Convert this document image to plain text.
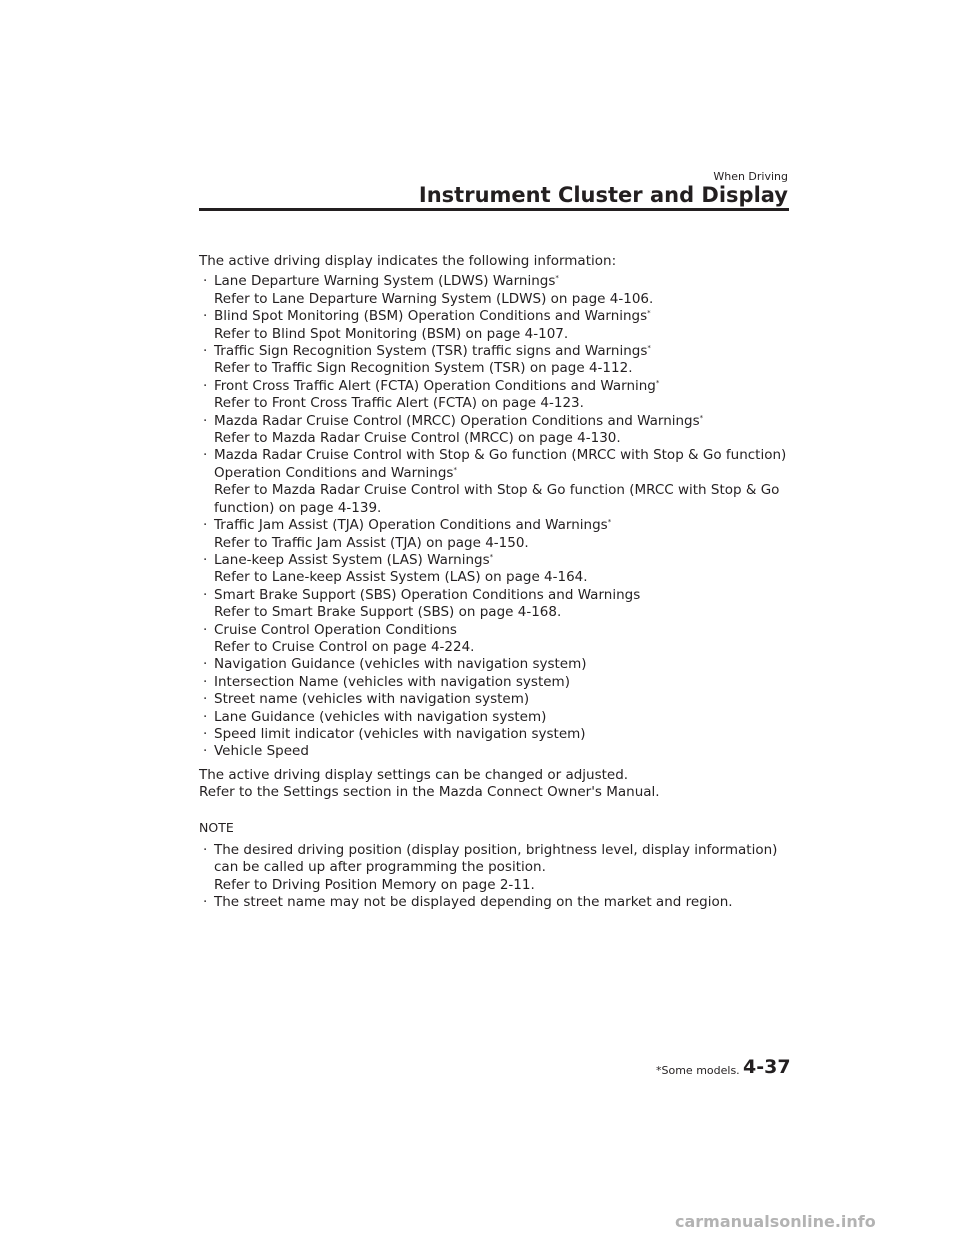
When Driving
Instrument Cluster and Display

The active driving display indicates the following information:

· Lane Departure Warning System (LDWS) Warnings*
Refer to Lane Departure Warning System (LDWS) on page 4-106.
· Blind Spot Monitoring (BSM) Operation Conditions and Warnings*
Refer to Blind Spot Monitoring (BSM) on page 4-107.
· Traffic Sign Recognition System (TSR) traffic signs and Warnings*
Refer to Traffic Sign Recognition System (TSR) on page 4-112.
· Front Cross Traffic Alert (FCTA) Operation Conditions and Warning*
Refer to Front Cross Traffic Alert (FCTA) on page 4-123.
· Mazda Radar Cruise Control (MRCC) Operation Conditions and Warnings*
Refer to Mazda Radar Cruise Control (MRCC) on page 4-130.
· Mazda Radar Cruise Control with Stop & Go function (MRCC with Stop & Go function) Operation Conditions and Warnings*
Refer to Mazda Radar Cruise Control with Stop & Go function (MRCC with Stop & Go function) on page 4-139.
· Traffic Jam Assist (TJA) Operation Conditions and Warnings*
Refer to Traffic Jam Assist (TJA) on page 4-150.
· Lane-keep Assist System (LAS) Warnings*
Refer to Lane-keep Assist System (LAS) on page 4-164.
· Smart Brake Support (SBS) Operation Conditions and Warnings
Refer to Smart Brake Support (SBS) on page 4-168.
· Cruise Control Operation Conditions
Refer to Cruise Control on page 4-224.
· Navigation Guidance (vehicles with navigation system)
· Intersection Name (vehicles with navigation system)
· Street name (vehicles with navigation system)
· Lane Guidance (vehicles with navigation system)
· Speed limit indicator (vehicles with navigation system)
· Vehicle Speed

The active driving display settings can be changed or adjusted.
Refer to the Settings section in the Mazda Connect Owner's Manual.

NOTE
· The desired driving position (display position, brightness level, display information) can be called up after programming the position.
Refer to Driving Position Memory on page 2-11.
· The street name may not be displayed depending on the market and region.
*Some models. 4-37
carmanualsonline.info
